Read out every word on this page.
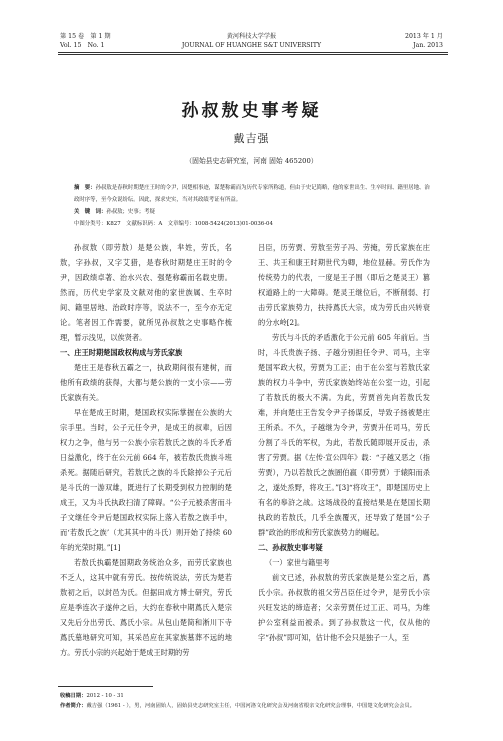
第 15 卷　第 1 期
Vol. 15　No. 1
黄河科技大学学报
JOURNAL OF HUANGHE S&T UNIVERSITY
2013 年 1 月
Jan. 2013
孙叔敖史事考疑
戴吉强
（固始县史志研究室，河南 固始 465200）
摘　要：孙叔敖是春秋时期楚庄王时的令尹，因楚相事迹，谋楚称霸而为历代专家所称道，但由于史记简略，他的家世出生、生卒时间、籍里居地、治政时序等，至今众说纷纭。因此，探求史实，当对其政绩考证有所益。
关　键　词：孙叔敖；史事；考疑
中图分类号：K827　文献标识码：A　文章编号：1008-5424(2013)01-0036-04

孙叔敖（即劳敖）是楚公族，芈姓，劳氏，名敖，字孙叔，又字艾猎，是春秋时期楚庄王时的令尹，因政绩卓著、治水兴农、强楚称霸而名载史册。然而，历代史学家及文献对他的家世族属、生卒时间、籍里居地、治政时序等，说法不一，至今亦无定论。笔者因工作需要，就所见孙叔敖之史事略作梳理，暂示浅见，以俟贤者。

一、庄王时期楚国政权构成与芳氏家族

楚庄王是春秋五霸之一，执政期间很有建树，而他所有政绩的获得，大都与楚公族的一支小宗——劳氏家族有关。

早在楚成王时期，楚国政权实际掌握在公族的大宗手里。当时，公子元任令尹，是成王的叔辈，后因权力之争，他与另一公族小宗若敖氏之族的斗氏矛盾日益激化，终于在公元前 664 年，被若敖氏贵族斗班杀死。据随后研究，若敖氏之族的斗氏除掉公子元后是斗氏的一游双雄，既进行了长期受到权力控制的楚成王，又为斗氏执政扫清了障碍。“公子元被杀害而斗子文继任令尹后楚国政权实际上落入若敖之族手中，而‘若敖氏之族’（尤其其中的斗氏）则开始了持续 60 年的光荣时期。”[1]

若敖氏执霸楚国期政务统治众多，而劳氏家族也不乏人，这其中就有劳氏。按传统说法，劳氏为楚若敖初之后，以封邑为氏。但据田成方博士研究，劳氏应是季连次子遂仲之后，大约在春秋中期蔿氏入楚宗又先后分出劳氏、蔿氏小宗。从包山楚简和淅川下寺蔿氏墓地研究可知，其采邑应在其家族墓葬不远的地方。劳氏小宗的兴起始于楚成王时期的劳

吕臣，历劳贾、劳敖至劳子冯、劳掩，劳氏家族在庄王、共王和康王时期世代为卿，地位显赫。劳氏作为传统势力的代表，一度是王子围（即后之楚灵王）篡权道路上的一大障碍。楚灵王继位后，不断削弱、打击劳氏家族势力，扶持蔿氏大宗，成为劳氏由兴转衰的分水岭[2]。

劳氏与斗氏的矛盾激化于公元前 605 年前后。当时，斗氏贵族子扬、子越分别担任令尹、司马，主宰楚国军政大权，劳贾为工正；由于在公室与若敖氏家族的权力斗争中，劳氏家族始终站在公室一边，引起了若敖氏的极大不满。为此，劳贾首先向若敖氏发难，并向楚庄王告发令尹子扬谋反，导致子扬被楚庄王所杀。不久，子越继为令尹，劳贾升任司马，劳氏分割了斗氏的军权，为此，若敖氏随即展开反击，杀害了劳贾。据《左传·宣公四年》载：“子越又恶之（指劳贾），乃以若敖氏之族圄伯嬴（即劳贾）于辕阳而杀之，遂处烝野，将攻王。”[3]“将攻王”，即楚国历史上有名的皋浒之战。这场战役的直接结果是在楚国长期执政的若敖氏，几乎全族覆灭，还导致了楚国“公子群”政治的形成和劳氏家族势力的崛起。

二、孙叔敖史事考疑
（一）家世与籍里考

前文已述，孙叔敖的劳氏家族是楚公室之后，蔿氏小宗。孙叔敖的祖父劳吕臣任过令尹，是劳氏小宗兴旺发达的缔造者；父亲劳贾任过工正、司马，为维护公室利益而被杀。到了孙叔敖这一代，仅从他的字“孙叔”即可知，估计他不会只是独子一人，至

收稿日期：2012 - 10 - 31
作者简介：戴吉强（1961 - ），男，河南固始人，固始县史志研究室主任，中国河洛文化研究会及河南省根亲文化研究会理事，中国楚文化研究会会员。
